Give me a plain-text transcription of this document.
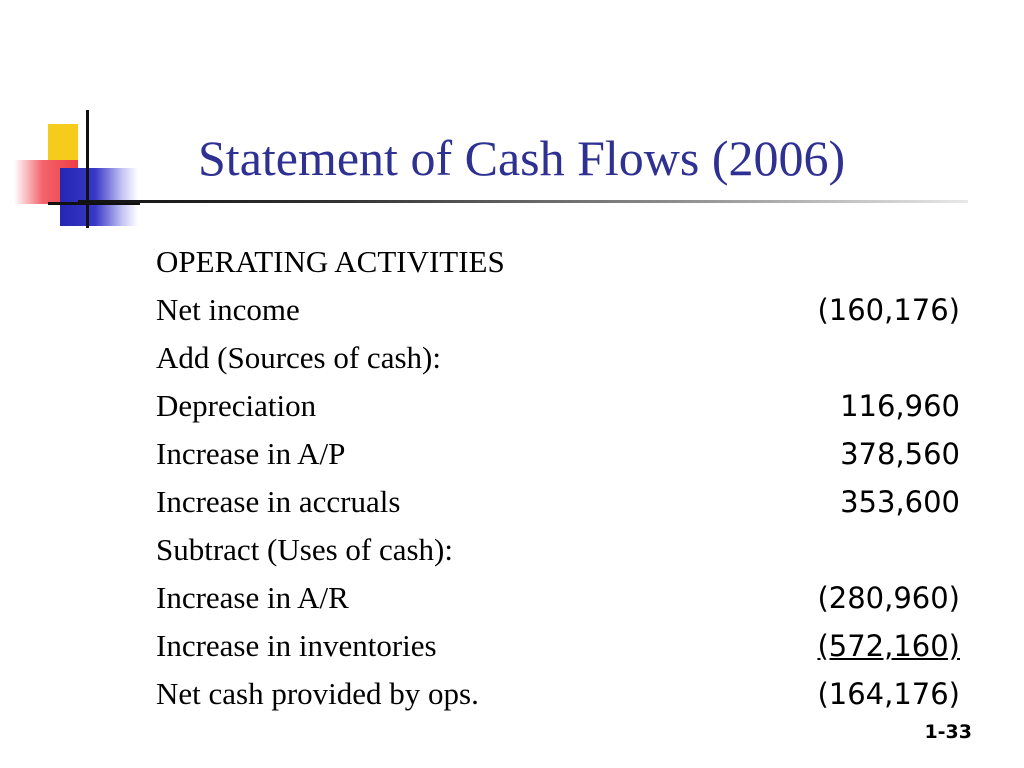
Statement of Cash Flows (2006)
OPERATING ACTIVITIES	
Net income	(160,176)
Add (Sources of cash):	
Depreciation	116,960
Increase in A/P	378,560
Increase in accruals	353,600
Subtract (Uses of cash):	
Increase in A/R	(280,960)
Increase in inventories	(572,160)
Net cash provided by ops.	(164,176)
1-33
